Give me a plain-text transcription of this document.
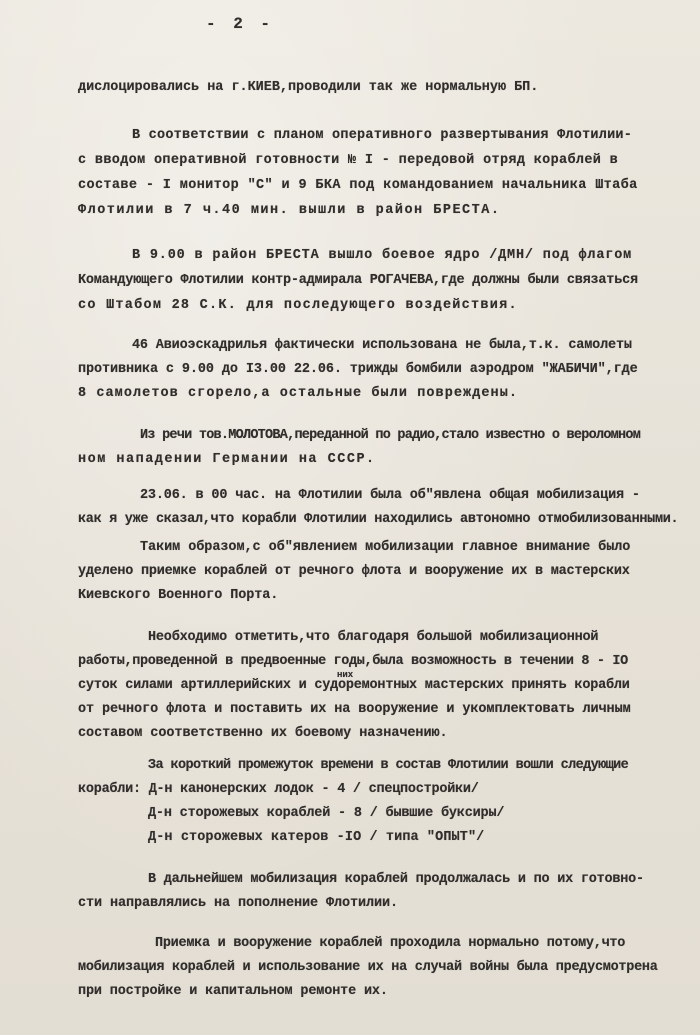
- 2 -
дислоцировались на г.КИЕВ,проводили так же нормальную БП.
В соответствии с планом оперативного развертывания Флотилии-
с вводом оперативной готовности № I - передовой отряд кораблей в
составе - I монитор "С" и 9 БКА под командованием начальника Штаба
Флотилии в 7 ч.40 мин. вышли в район БРЕСТА.
В 9.00 в район БРЕСТА вышло боевое ядро /ДМН/ под флагом
Командующего Флотилии контр-адмирала РОГАЧЕВА,где должны были связаться
со Штабом 28 С.К. для последующего воздействия.
46 Авиоэскадрилья фактически использована не была,т.к. самолеты
противника с 9.00 до I3.00 22.06. трижды бомбили аэродром "ЖАБИЧИ",где
8 самолетов сгорело,а остальные были повреждены.
Из речи тов.МОЛОТОВА,переданной по радио,стало известно о вероломном
ном нападении Германии на СССР.
23.06. в 00 час. на Флотилии была об"явлена общая мобилизация -
как я уже сказал,что корабли Флотилии находились автономно отмобилизованными.
Таким образом,с об"явлением мобилизации главное внимание было
уделено приемке кораблей от речного флота и вооружение их в мастерских
Киевского Военного Порта.
Необходимо отметить,что благодаря большой мобилизационной
работы,проведенной в предвоенные годы,была возможность в течении 8 - IO
них
суток силами артиллерийских и судоремонтных мастерских принять корабли
от речного флота и поставить их на вооружение и укомплектовать личным
составом соответственно их боевому назначению.
За короткий промежуток времени в состав Флотилии вошли следующие
корабли: Д-н канонерских лодок - 4 / спецпостройки/
Д-н сторожевых кораблей - 8 / бывшие буксиры/
Д-н сторожевых катеров -IO / типа "ОПЫТ"/
В дальнейшем мобилизация кораблей продолжалась и по их готовно-
сти направлялись на пополнение Флотилии.
Приемка и вооружение кораблей проходила нормально потому,что
мобилизация кораблей и использование их на случай войны была предусмотрена
при постройке и капитальном ремонте их.
